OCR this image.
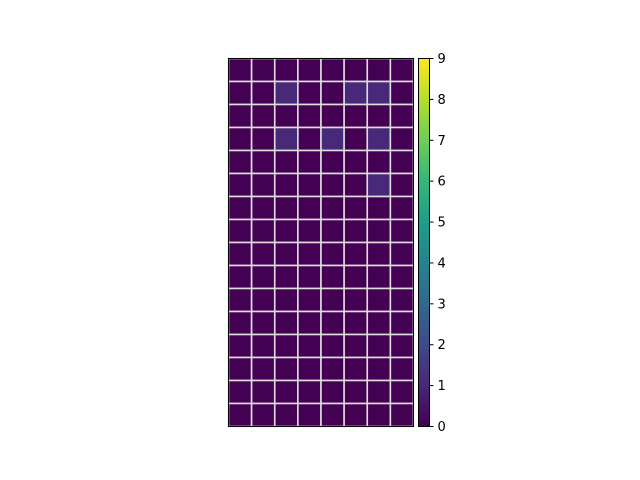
0
1
2
3
4
5
6
7
8
9
